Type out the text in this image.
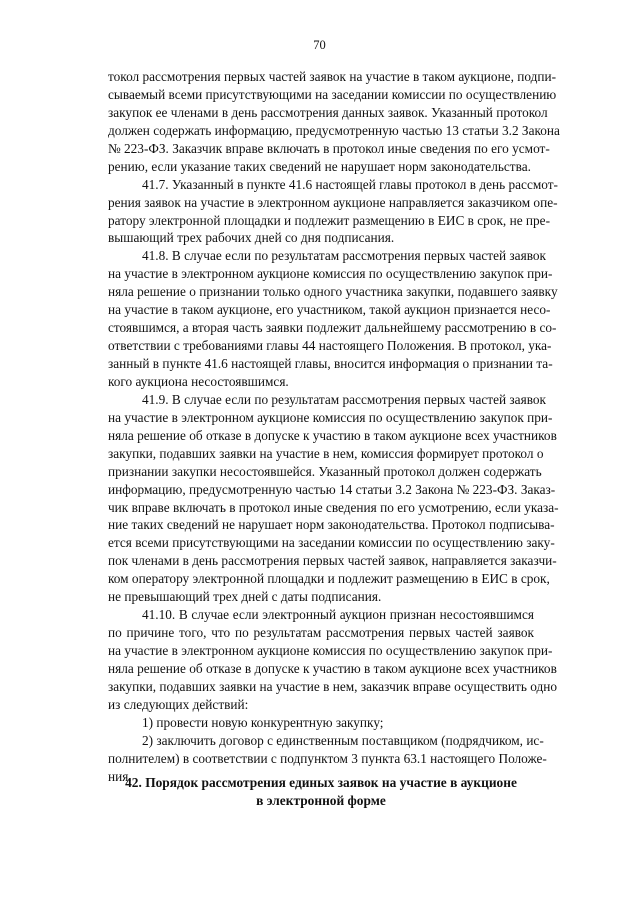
70
токол рассмотрения первых частей заявок на участие в таком аукционе, подпи-
сываемый всеми присутствующими на заседании комиссии по осуществлению
закупок ее членами в день рассмотрения данных заявок. Указанный протокол
должен содержать информацию, предусмотренную частью 13 статьи 3.2 Закона
№ 223-ФЗ. Заказчик вправе включать в протокол иные сведения по его усмот-
рению, если указание таких сведений не нарушает норм законодательства.
41.7. Указанный в пункте 41.6 настоящей главы протокол в день рассмот-
рения заявок на участие в электронном аукционе направляется заказчиком опе-
ратору электронной площадки и подлежит размещению в ЕИС в срок, не пре-
вышающий трех рабочих дней со дня подписания.
41.8. В случае если по результатам рассмотрения первых частей заявок
на участие в электронном аукционе комиссия по осуществлению закупок при-
няла решение о признании только одного участника закупки, подавшего заявку
на участие в таком аукционе, его участником, такой аукцион признается несо-
стоявшимся, а вторая часть заявки подлежит дальнейшему рассмотрению в со-
ответствии с требованиями главы 44 настоящего Положения. В протокол, ука-
занный в пункте 41.6 настоящей главы, вносится информация о признании та-
кого аукциона несостоявшимся.
41.9. В случае если по результатам рассмотрения первых частей заявок
на участие в электронном аукционе комиссия по осуществлению закупок при-
няла решение об отказе в допуске к участию в таком аукционе всех участников
закупки, подавших заявки на участие в нем, комиссия формирует протокол о
признании закупки несостоявшейся. Указанный протокол должен содержать
информацию, предусмотренную частью 14 статьи 3.2 Закона № 223-ФЗ. Заказ-
чик вправе включать в протокол иные сведения по его усмотрению, если указа-
ние таких сведений не нарушает норм законодательства. Протокол подписыва-
ется всеми присутствующими на заседании комиссии по осуществлению заку-
пок членами в день рассмотрения первых частей заявок, направляется заказчи-
ком оператору электронной площадки и подлежит размещению в ЕИС в срок,
не превышающий трех дней с даты подписания.
41.10. В случае если электронный аукцион признан несостоявшимся
по причине того, что по результатам рассмотрения первых частей заявок
на участие в электронном аукционе комиссия по осуществлению закупок при-
няла решение об отказе в допуске к участию в таком аукционе всех участников
закупки, подавших заявки на участие в нем, заказчик вправе осуществить одно
из следующих действий:
1) провести новую конкурентную закупку;
2) заключить договор с единственным поставщиком (подрядчиком, ис-
полнителем) в соответствии с подпунктом 3 пункта 63.1 настоящего Положе-
ния.
42. Порядок рассмотрения единых заявок на участие в аукционе
в электронной форме
